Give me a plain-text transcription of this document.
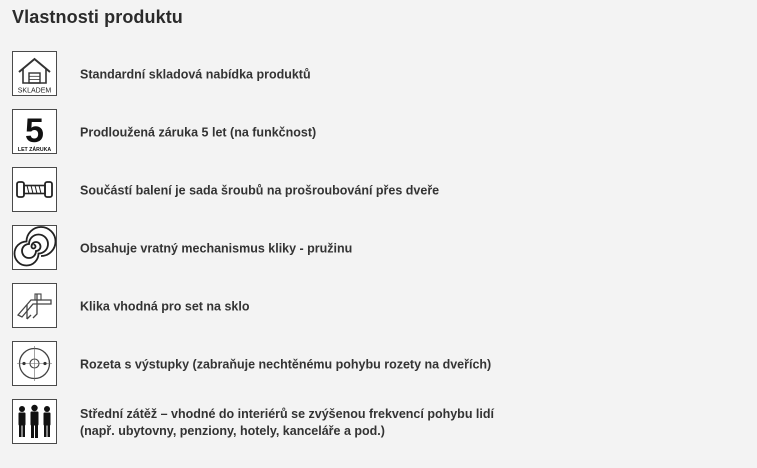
Vlastnosti produktu
SKLADEM
Standardní skladová nabídka produktů
5
LET ZÁRUKA
Prodloužená záruka 5 let (na funkčnost)
Součástí balení je sada šroubů na prošroubování přes dveře
Obsahuje vratný mechanismus kliky - pružinu
Klika vhodná pro set na sklo
Rozeta s výstupky (zabraňuje nechtěnému pohybu rozety na dveřích)
Střední zátěž – vhodné do interiérů se zvýšenou frekvencí pohybu lidí
(např. ubytovny, penziony, hotely, kanceláře a pod.)
